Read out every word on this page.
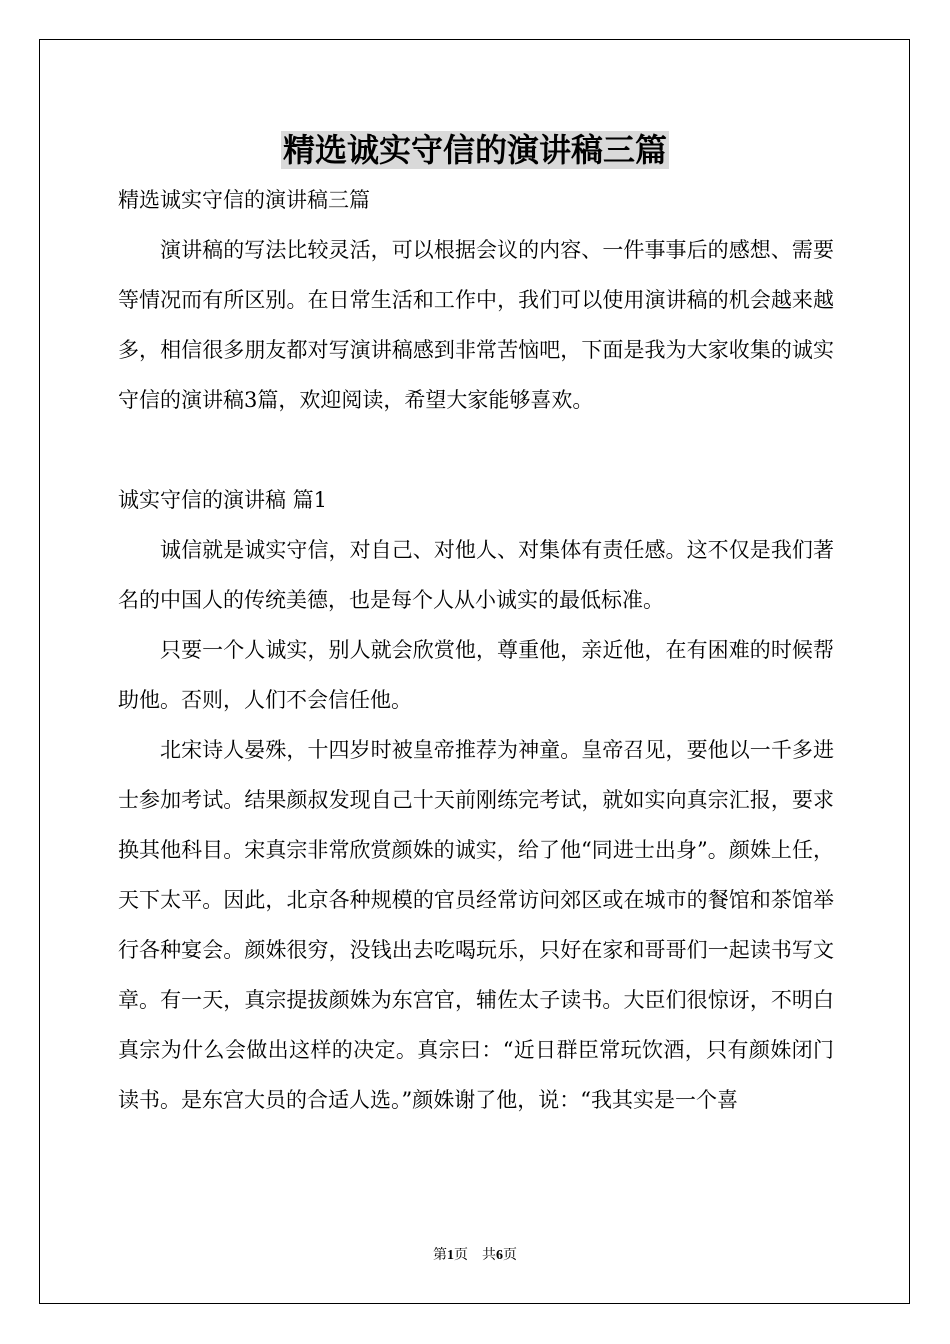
精选诚实守信的演讲稿三篇

精选诚实守信的演讲稿三篇

演讲稿的写法比较灵活，可以根据会议的内容、一件事事后的感想、需要等情况而有所区别。在日常生活和工作中，我们可以使用演讲稿的机会越来越多，相信很多朋友都对写演讲稿感到非常苦恼吧，下面是我为大家收集的诚实守信的演讲稿3篇，欢迎阅读，希望大家能够喜欢。

诚实守信的演讲稿 篇1

诚信就是诚实守信，对自己、对他人、对集体有责任感。这不仅是我们著名的中国人的传统美德，也是每个人从小诚实的最低标准。

只要一个人诚实，别人就会欣赏他，尊重他，亲近他，在有困难的时候帮助他。否则，人们不会信任他。

北宋诗人晏殊，十四岁时被皇帝推荐为神童。皇帝召见，要他以一千多进士参加考试。结果颜叔发现自己十天前刚练完考试，就如实向真宗汇报，要求换其他科目。宋真宗非常欣赏颜姝的诚实，给了他“同进士出身”。颜姝上任，天下太平。因此，北京各种规模的官员经常访问郊区或在城市的餐馆和茶馆举行各种宴会。颜姝很穷，没钱出去吃喝玩乐，只好在家和哥哥们一起读书写文章。有一天，真宗提拔颜姝为东宫官，辅佐太子读书。大臣们很惊讶，不明白真宗为什么会做出这样的决定。真宗曰：“近日群臣常玩饮酒，只有颜姝闭门读书。是东宫大员的合适人选。”颜姝谢了他，说：“我其实是一个喜

第1页    共6页
